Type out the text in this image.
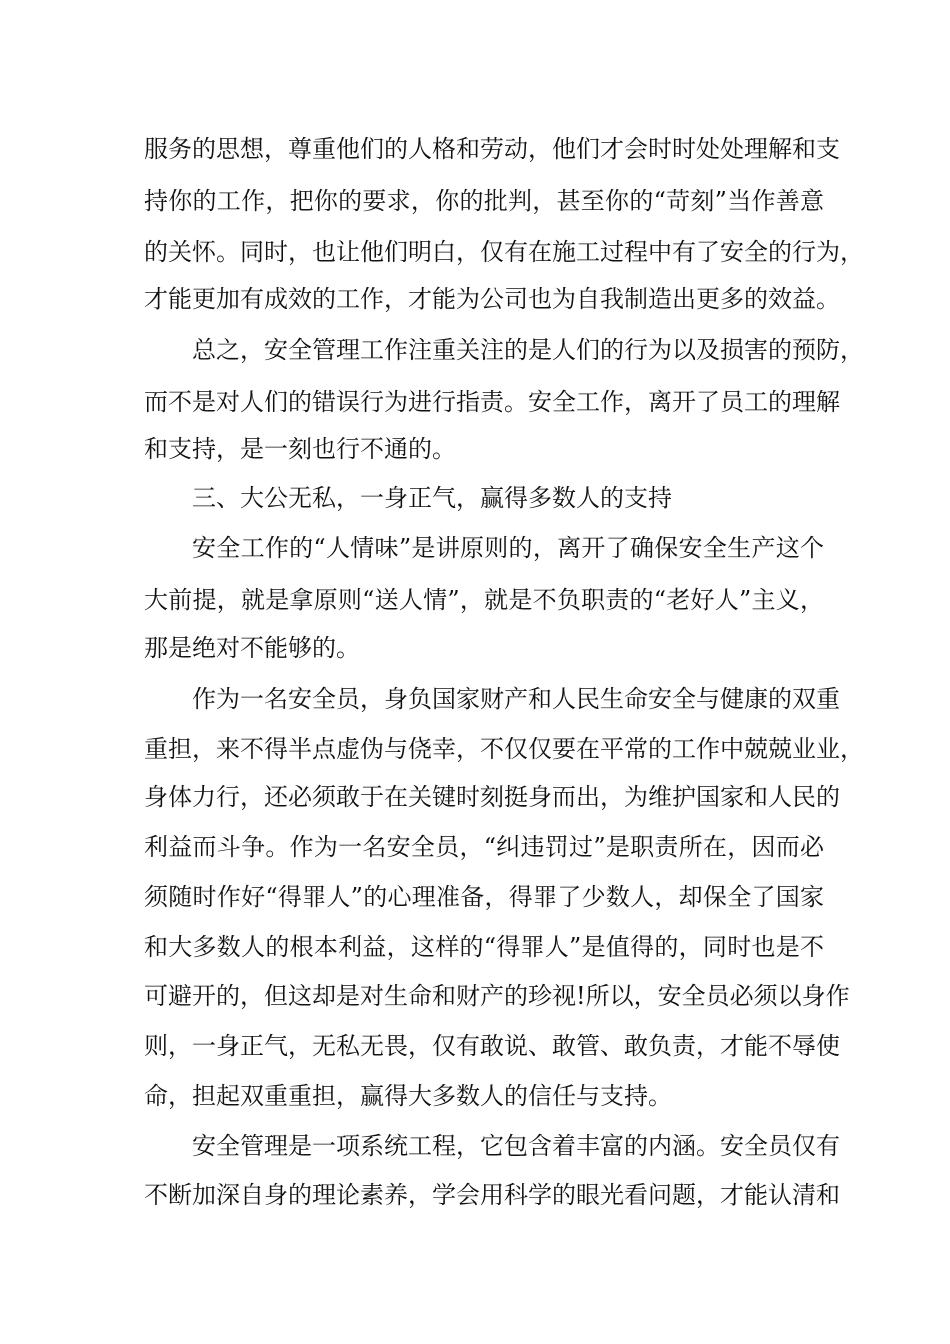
服务的思想，尊重他们的人格和劳动，他们才会时时处处理解和支
持你的工作，把你的要求，你的批判，甚至你的“苛刻”当作善意
的关怀。同时，也让他们明白，仅有在施工过程中有了安全的行为，
才能更加有成效的工作，才能为公司也为自我制造出更多的效益。
总之，安全管理工作注重关注的是人们的行为以及损害的预防，
而不是对人们的错误行为进行指责。安全工作，离开了员工的理解
和支持，是一刻也行不通的。
三、大公无私，一身正气，赢得多数人的支持
安全工作的“人情味”是讲原则的，离开了确保安全生产这个
大前提，就是拿原则“送人情”，就是不负职责的“老好人”主义，
那是绝对不能够的。
作为一名安全员，身负国家财产和人民生命安全与健康的双重
重担，来不得半点虚伪与侥幸，不仅仅要在平常的工作中兢兢业业，
身体力行，还必须敢于在关键时刻挺身而出，为维护国家和人民的
利益而斗争。作为一名安全员，“纠违罚过”是职责所在，因而必
须随时作好“得罪人”的心理准备，得罪了少数人，却保全了国家
和大多数人的根本利益，这样的“得罪人”是值得的，同时也是不
可避开的，但这却是对生命和财产的珍视!所以，安全员必须以身作
则，一身正气，无私无畏，仅有敢说、敢管、敢负责，才能不辱使
命，担起双重重担，赢得大多数人的信任与支持。
安全管理是一项系统工程，它包含着丰富的内涵。安全员仅有
不断加深自身的理论素养，学会用科学的眼光看问题，才能认清和
